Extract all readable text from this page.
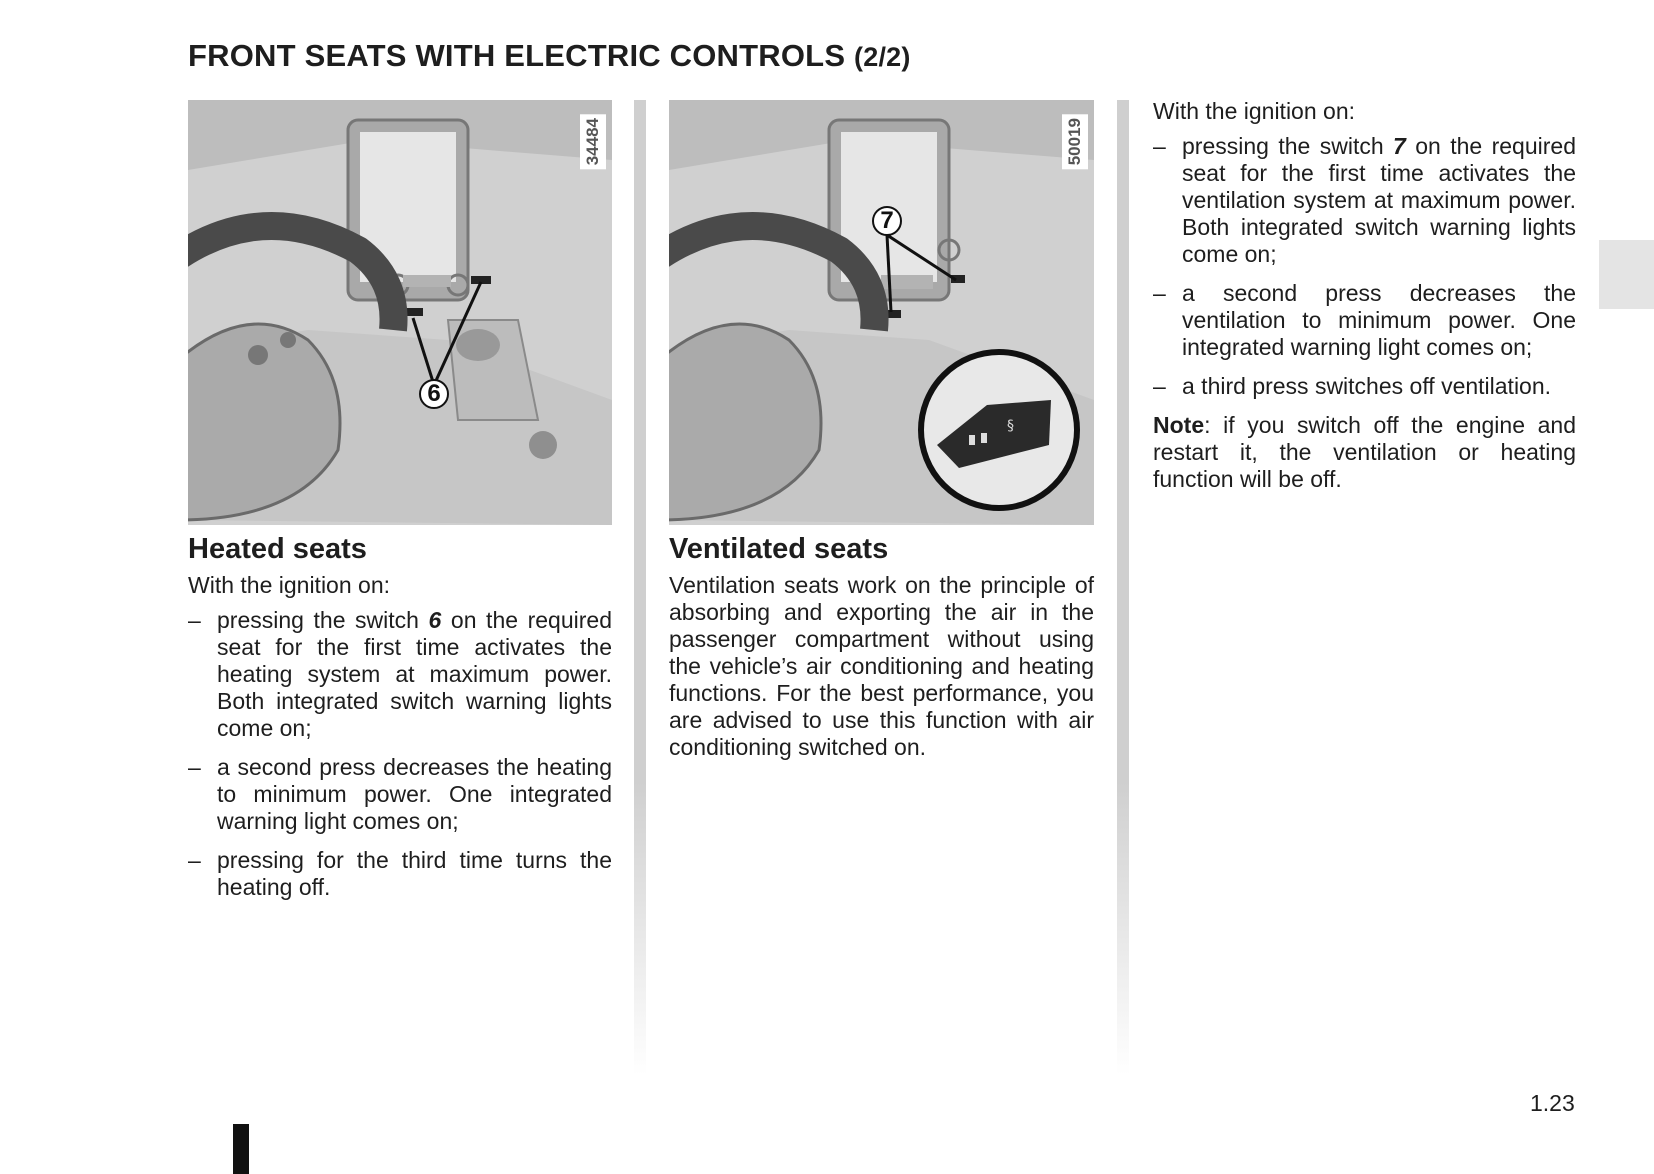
FRONT SEATS WITH ELECTRIC CONTROLS (2/2)
34484
6
Heated seats

With the ignition on:

– pressing the switch 6 on the required seat for the first time activates the heating system at maximum power. Both integrated switch warning lights come on;
– a second press decreases the heating to minimum power. One integrated warning light comes on;
– pressing for the third time turns the heating off.
§
50019
7
Ventilated seats

Ventilation seats work on the principle of absorbing and exporting the air in the passenger compartment without using the vehicle’s air conditioning and heating functions. For the best performance, you are advised to use this function with air conditioning switched on.

With the ignition on:

– pressing the switch 7 on the required seat for the first time activates the ventilation system at maximum power. Both integrated switch warning lights come on;
– a second press decreases the ventilation to minimum power. One integrated warning light comes on;
– a third press switches off ventilation.

Note: if you switch off the engine and restart it, the ventilation or heating function will be off.

1.23
